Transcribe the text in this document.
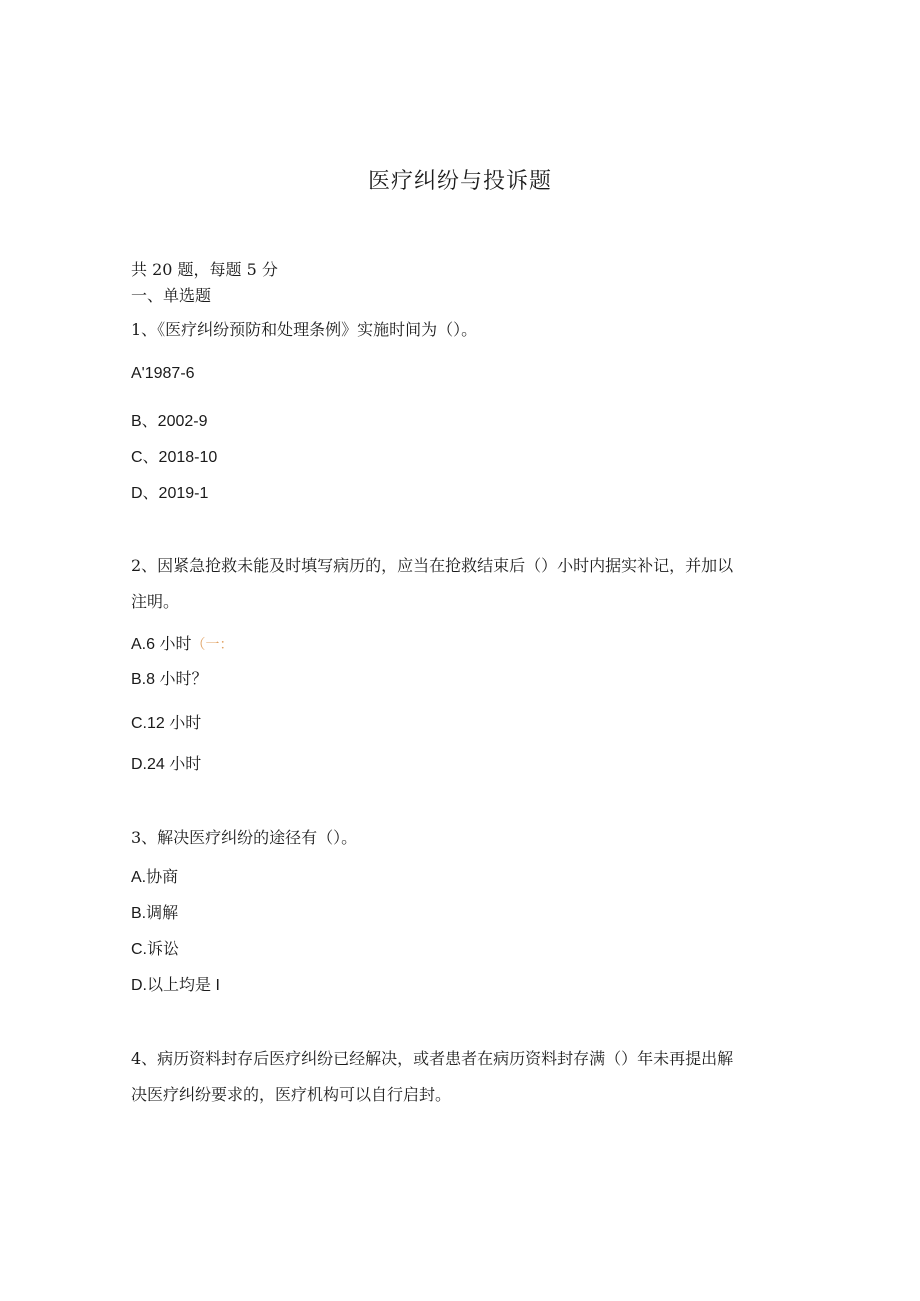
医疗纠纷与投诉题
共 20 题，每题 5 分
一、单选题
1、《医疗纠纷预防和处理条例》实施时间为（）。
A'1987-6
B、2002-9
C、2018-10
D、2019-1
2、因紧急抢救未能及时填写病历的，应当在抢救结束后（）小时内据实补记，并加以
注明。
A.6 小时（一：
B.8 小时？
C.12 小时
D.24 小时
3、解决医疗纠纷的途径有（）。
A.协商
B.调解
C.诉讼
D.以上均是 I
4、病历资料封存后医疗纠纷已经解决，或者患者在病历资料封存满（）年未再提出解
决医疗纠纷要求的，医疗机构可以自行启封。
